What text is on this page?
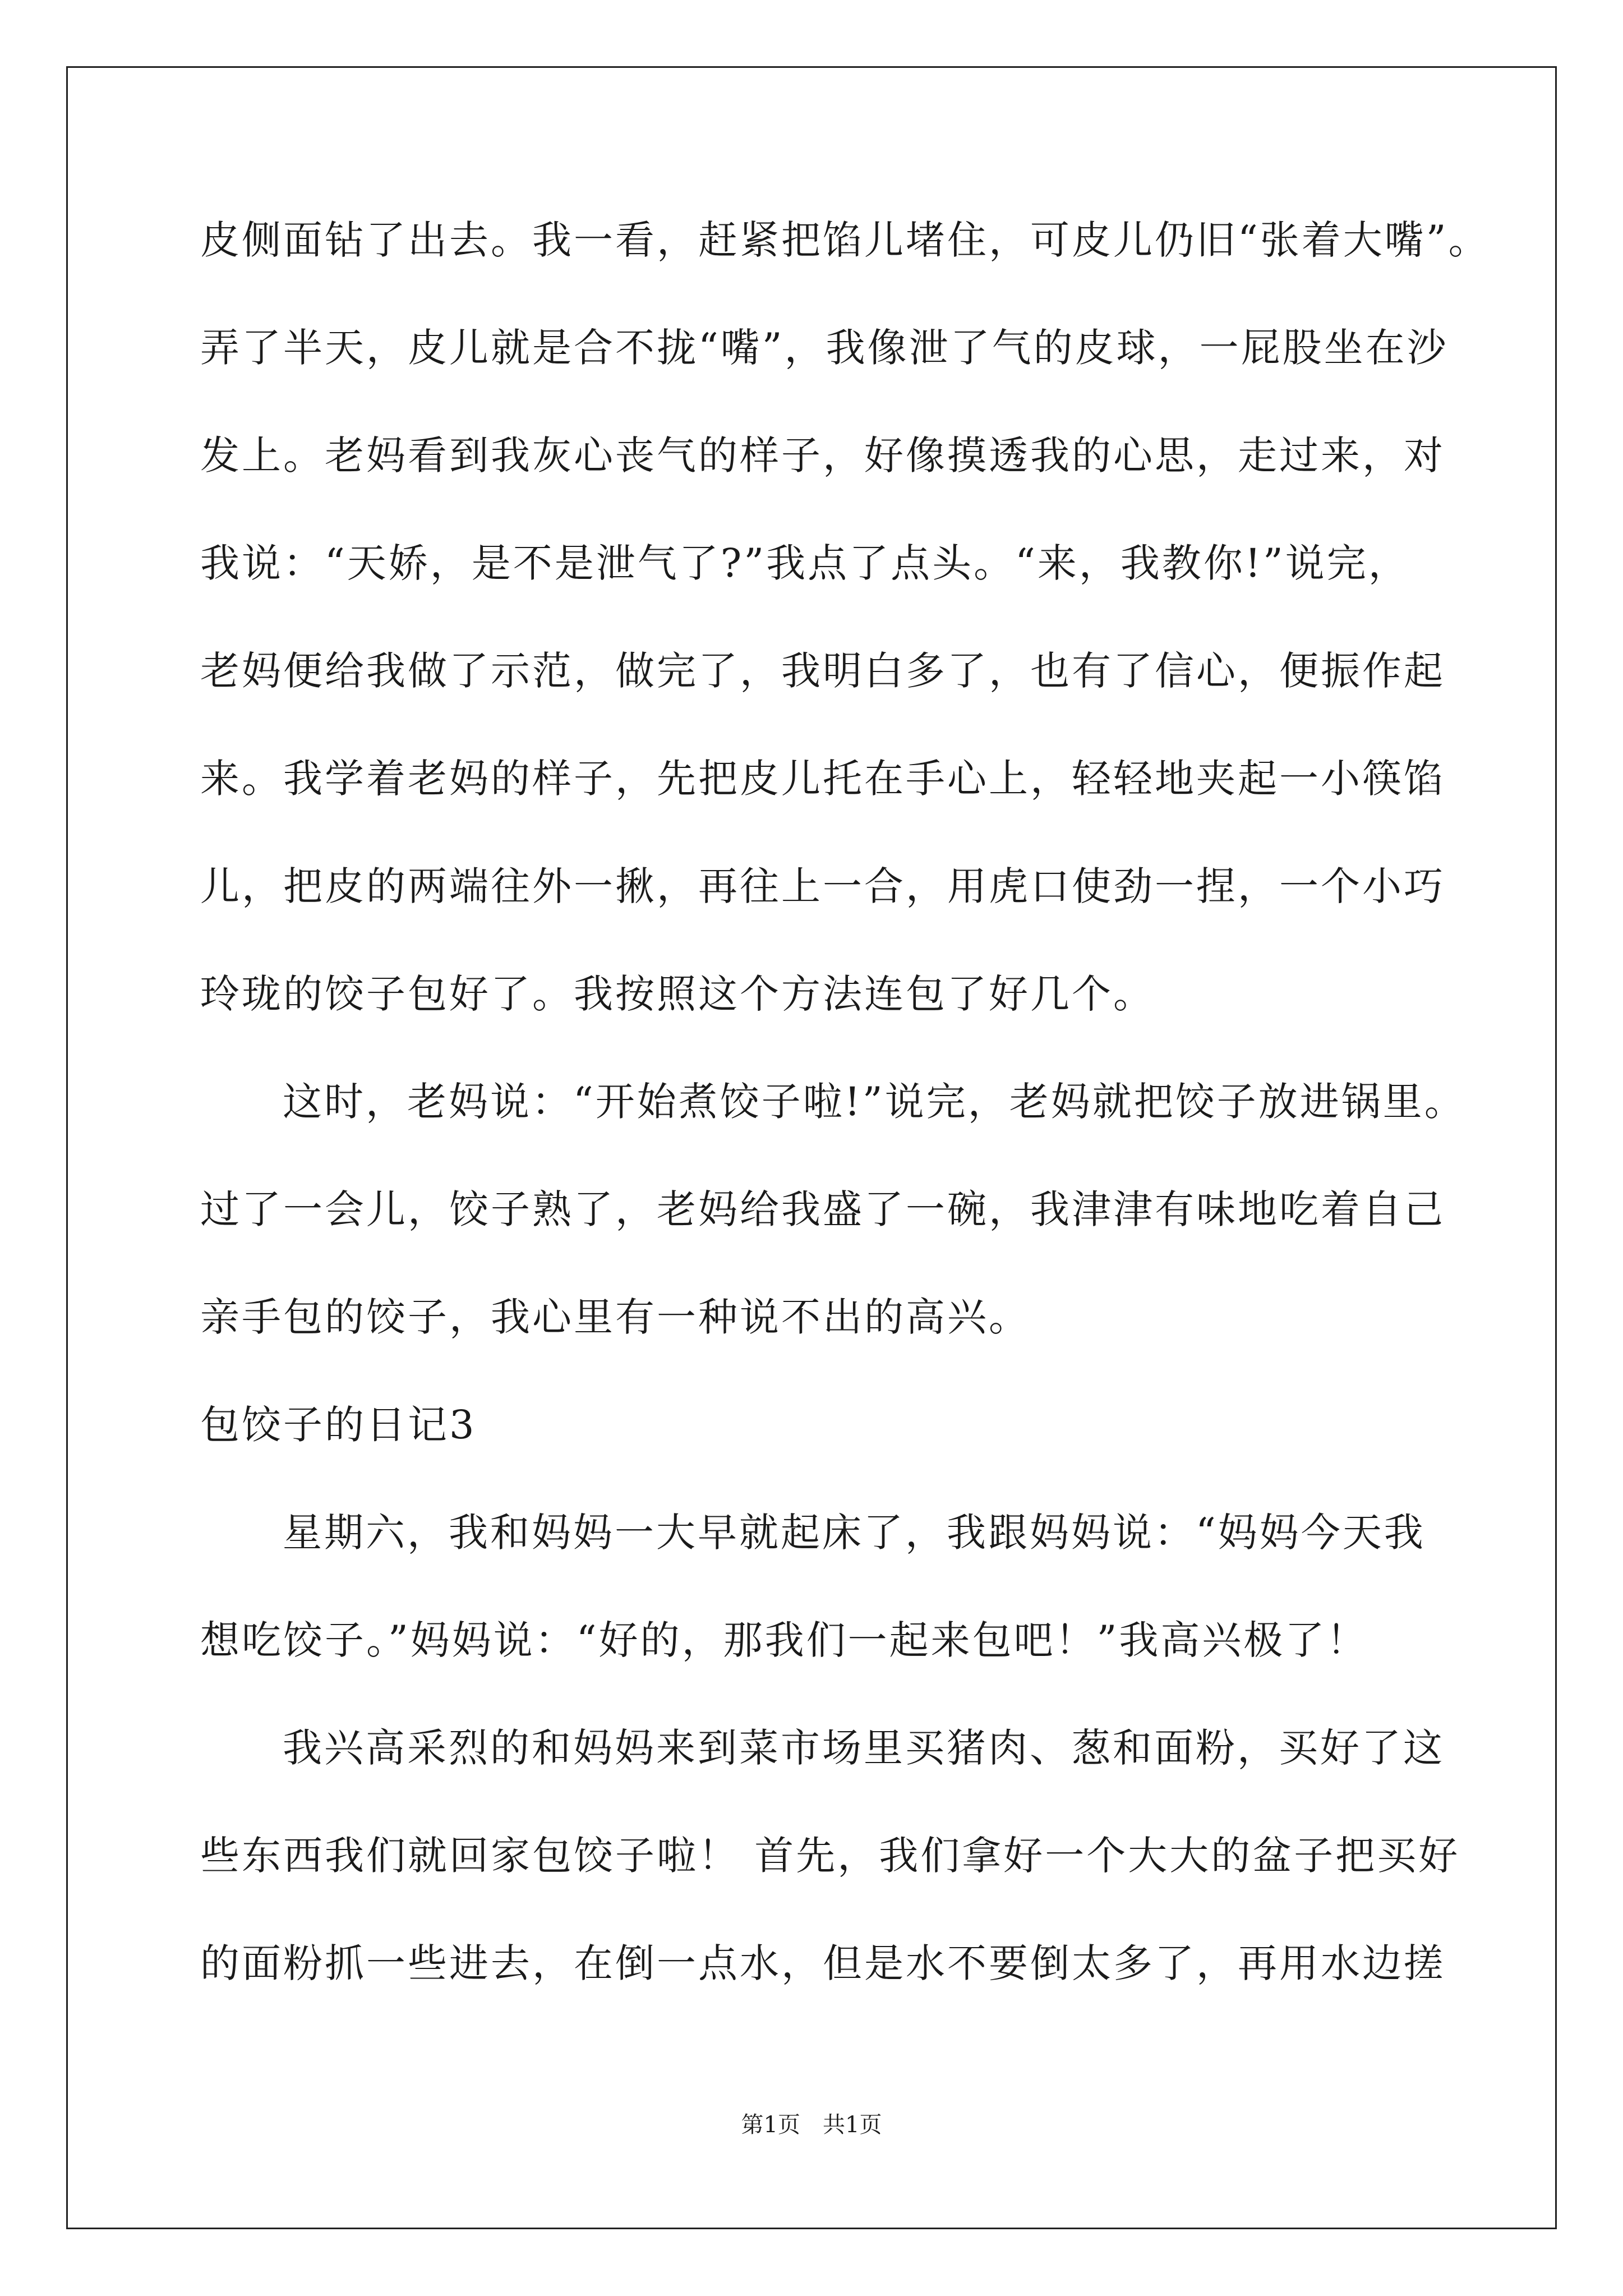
皮侧面钻了出去。我一看，赶紧把馅儿堵住，可皮儿仍旧“张着大嘴”。
弄了半天，皮儿就是合不拢“嘴”，我像泄了气的皮球，一屁股坐在沙
发上。老妈看到我灰心丧气的样子，好像摸透我的心思，走过来，对
我说：“天娇，是不是泄气了?”我点了点头。“来，我教你!”说完，
老妈便给我做了示范，做完了，我明白多了，也有了信心，便振作起
来。我学着老妈的样子，先把皮儿托在手心上，轻轻地夹起一小筷馅
儿，把皮的两端往外一揪，再往上一合，用虎口使劲一捏，一个小巧
玲珑的饺子包好了。我按照这个方法连包了好几个。
这时，老妈说：“开始煮饺子啦!”说完，老妈就把饺子放进锅里。
过了一会儿，饺子熟了，老妈给我盛了一碗，我津津有味地吃着自己
亲手包的饺子，我心里有一种说不出的高兴。
包饺子的日记3
星期六，我和妈妈一大早就起床了，我跟妈妈说：“妈妈今天我
想吃饺子。”妈妈说：“好的，那我们一起来包吧！”我高兴极了！
我兴高采烈的和妈妈来到菜市场里买猪肉、葱和面粉，买好了这
些东西我们就回家包饺子啦！ 首先，我们拿好一个大大的盆子把买好
的面粉抓一些进去，在倒一点水，但是水不要倒太多了，再用水边搓
第1页　共1页
